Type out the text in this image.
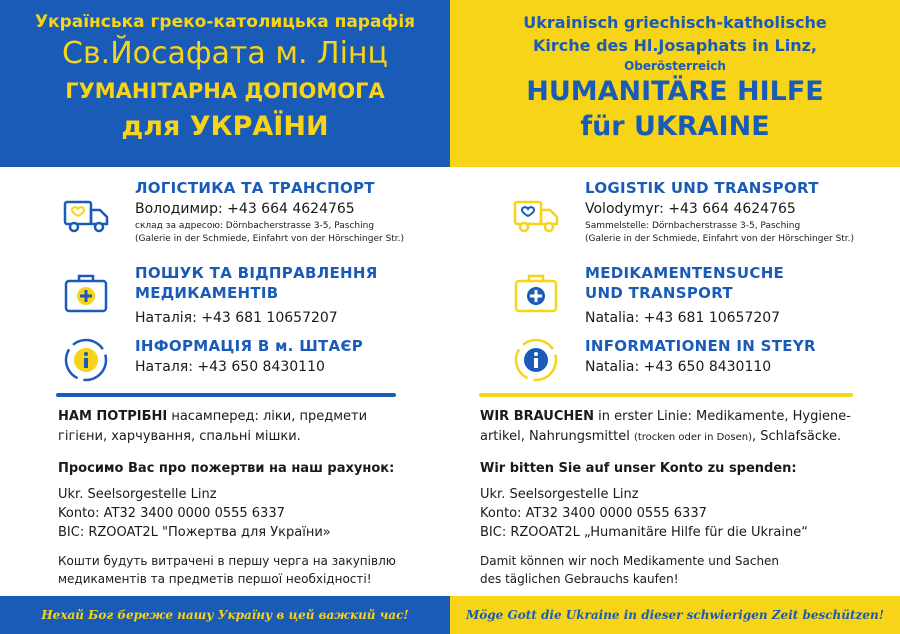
Українська греко-католицька парафія
Св.Йосафата м. Лінц
ГУМАНІТАРНА ДОПОМОГА
для УКРАЇНИ
ЛОГІСТИКА ТА ТРАНСПОРТ
Володимир: +43 664 4624765
склад за адресою: Dörnbacherstrasse 3-5, Pasching
(Galerie in der Schmiede, Einfahrt von der Hörschinger Str.)
ПОШУК ТА ВІДПРАВЛЕННЯ
МЕДИКАМЕНТІВ
Наталія: +43 681 10657207
ІНФОРМАЦІЯ В м. ШТАЄР
Наталя: +43 650 8430110
НАМ ПОТРІБНІ насамперед: ліки, предмети
гігієни, харчування, спальні мішки.
Просимо Вас про пожертви на наш рахунок:
Ukr. Seelsorgestelle Linz
Konto: AT32 3400 0000 0555 6337
BIC: RZOOAT2L "Пожертва для України»
Кошти будуть витрачені в першу черга на закупівлю
медикаментів та предметів першої необхідності!
Нехай Бог береже нашу Україну в цей важкий час!
Ukrainisch griechisch-katholische
Kirche des Hl.Josaphats in Linz,
Oberösterreich
HUMANITÄRE HILFE
für UKRAINE
LOGISTIK UND TRANSPORT
Volodymyr: +43 664 4624765
Sammelstelle: Dörnbacherstrasse 3-5, Pasching
(Galerie in der Schmiede, Einfahrt von der Hörschinger Str.)
MEDIKAMENTENSUCHE
UND TRANSPORT
Natalia: +43 681 10657207
INFORMATIONEN IN STEYR
Natalia: +43 650 8430110
WIR BRAUCHEN in erster Linie: Medikamente, Hygiene-
artikel, Nahrungsmittel (trocken oder in Dosen), Schlafsäcke.
Wir bitten Sie auf unser Konto zu spenden:
Ukr. Seelsorgestelle Linz
Konto: AT32 3400 0000 0555 6337
BIC: RZOOAT2L „Humanitäre Hilfe für die Ukraine“
Damit können wir noch Medikamente und Sachen
des täglichen Gebrauchs kaufen!
Möge Gott die Ukraine in dieser schwierigen Zeit beschützen!
